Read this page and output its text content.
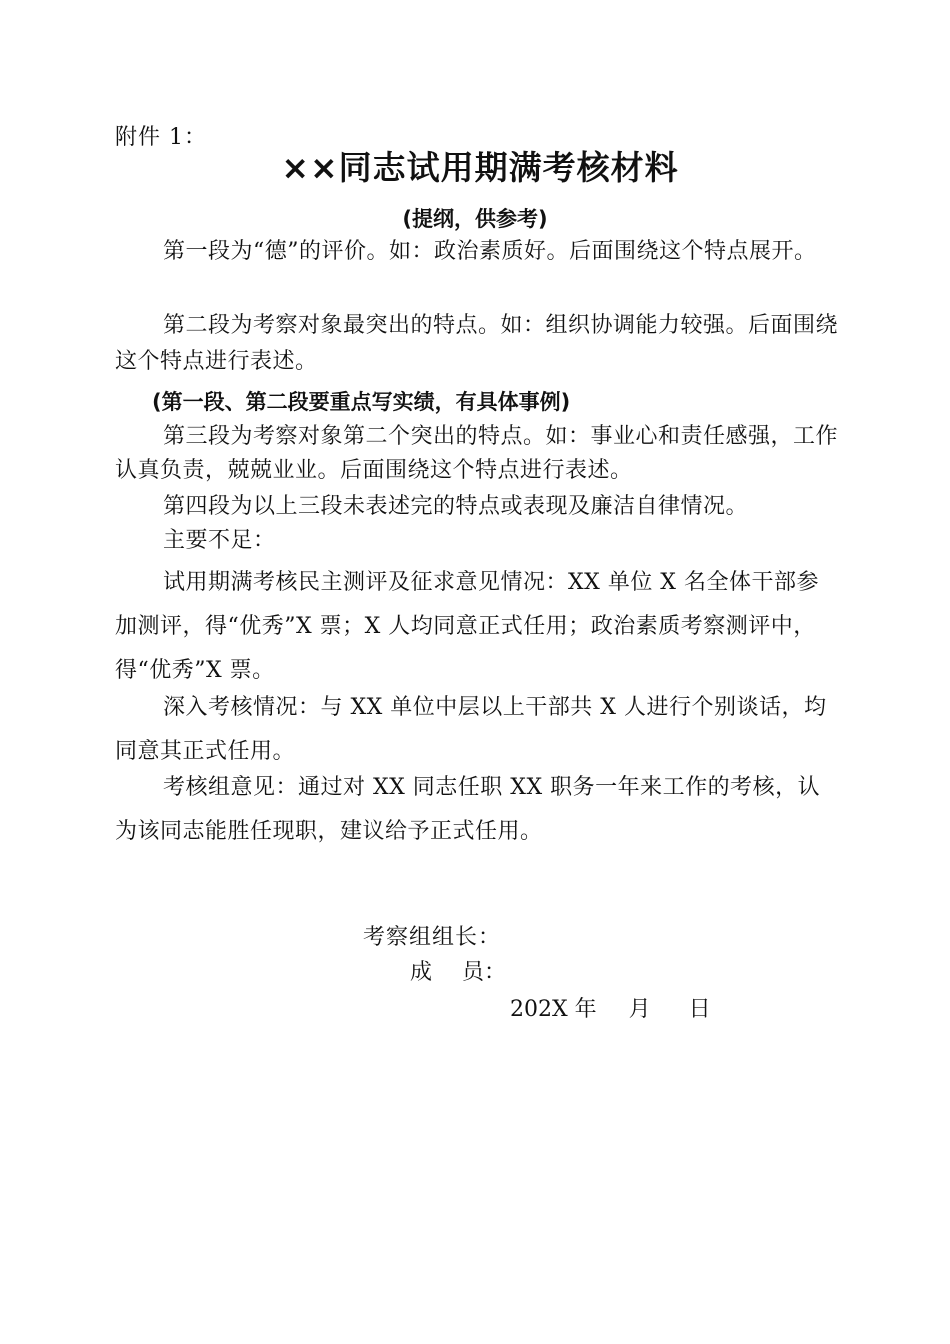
附件 1：
××同志试用期满考核材料
(提纲，供参考)

第一段为“德”的评价。如：政治素质好。后面围绕这个特点展开。

第二段为考察对象最突出的特点。如：组织协调能力较强。后面围绕这个特点进行表述。

(第一段、第二段要重点写实绩，有具体事例)

第三段为考察对象第二个突出的特点。如：事业心和责任感强，工作认真负责，兢兢业业。后面围绕这个特点进行表述。

第四段为以上三段未表述完的特点或表现及廉洁自律情况。

主要不足：

试用期满考核民主测评及征求意见情况：XX 单位 X 名全体干部参加测评，得“优秀”X 票；X 人均同意正式任用；政治素质考察测评中，得“优秀”X 票。

深入考核情况：与 XX 单位中层以上干部共 X 人进行个别谈话，均同意其正式任用。

考核组意见：通过对 XX 同志任职 XX 职务一年来工作的考核，认为该同志能胜任现职，建议给予正式任用。

考察组组长：
成 员：
202X 年 月 日
